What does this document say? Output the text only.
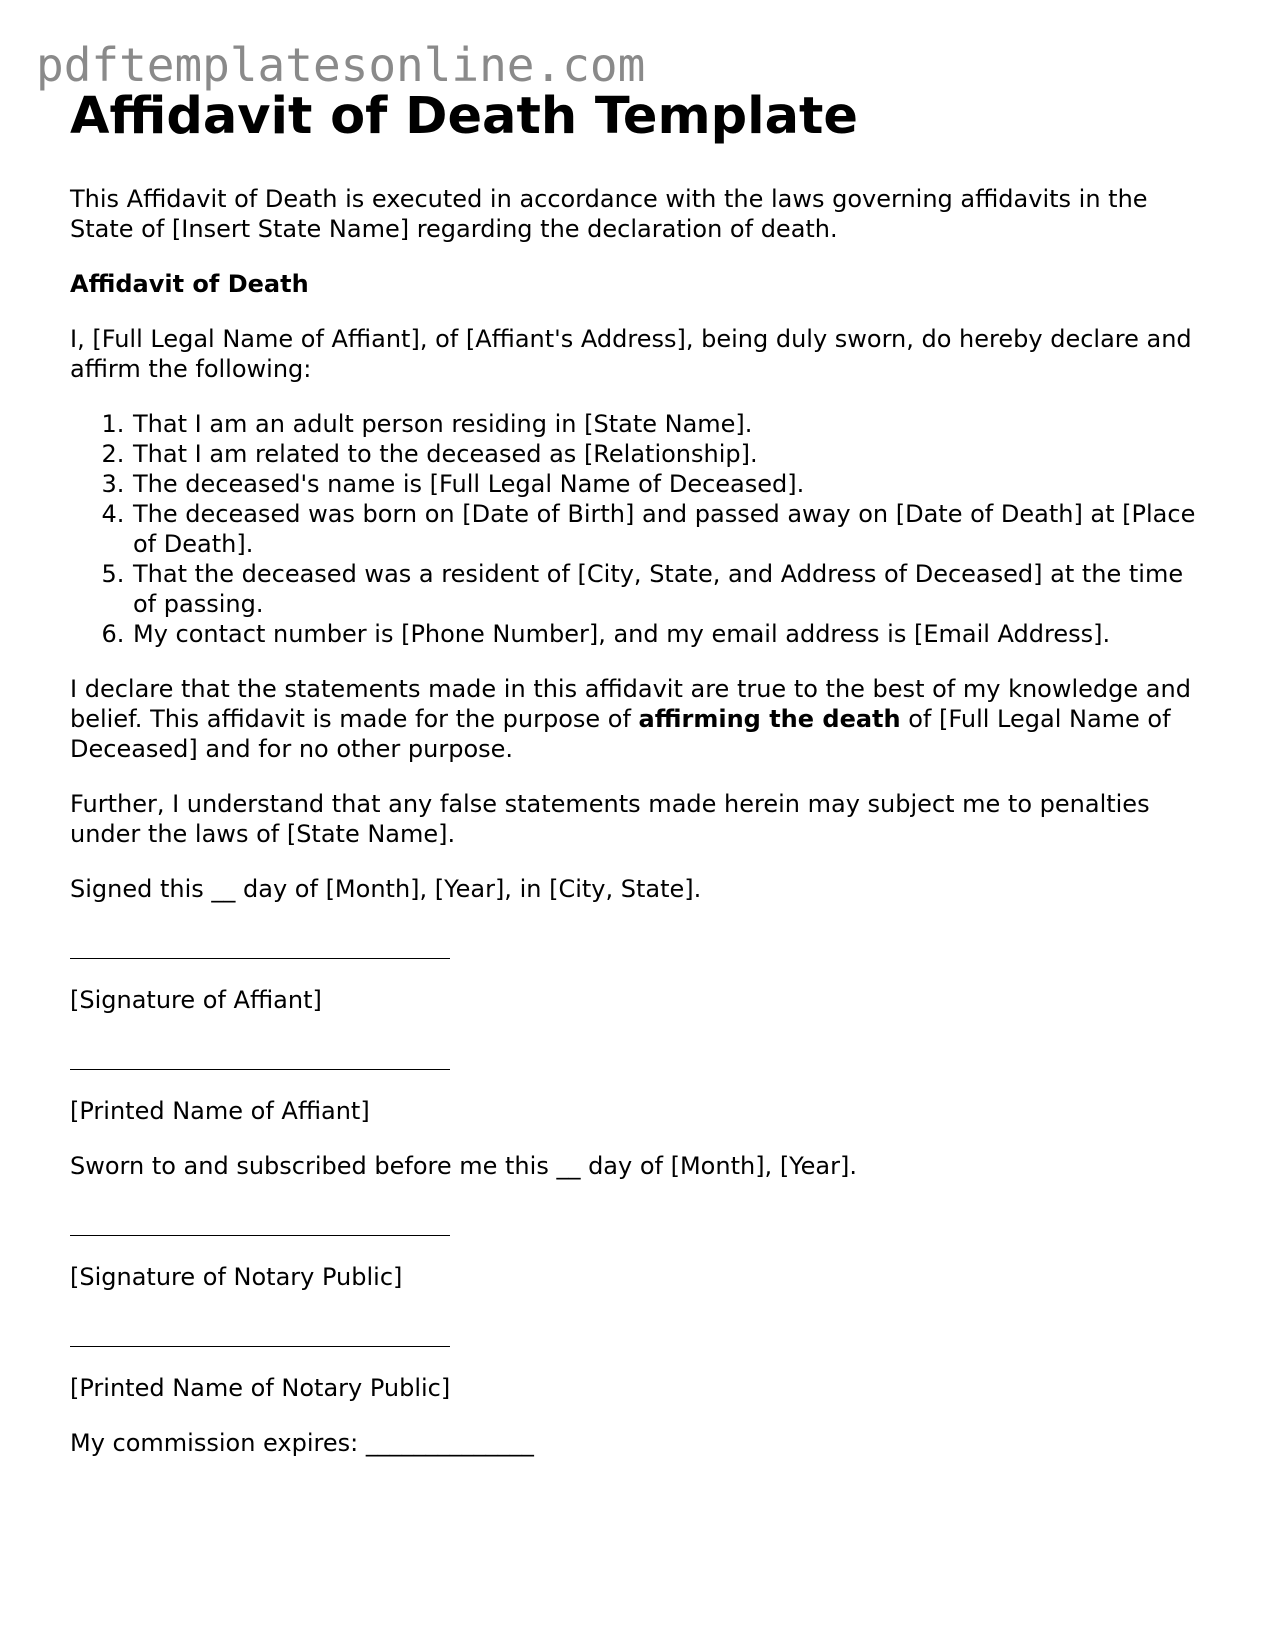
pdftemplatesonline.com
Affidavit of Death Template

This Affidavit of Death is executed in accordance with the laws governing affidavits in the State of [Insert State Name] regarding the declaration of death.

Affidavit of Death

I, [Full Legal Name of Affiant], of [Affiant's Address], being duly sworn, do hereby declare and affirm the following:

1. That I am an adult person residing in [State Name].
2. That I am related to the deceased as [Relationship].
3. The deceased's name is [Full Legal Name of Deceased].
4. The deceased was born on [Date of Birth] and passed away on [Date of Death] at [Place of Death].
5. That the deceased was a resident of [City, State, and Address of Deceased] at the time of passing.
6. My contact number is [Phone Number], and my email address is [Email Address].

I declare that the statements made in this affidavit are true to the best of my knowledge and belief. This affidavit is made for the purpose of affirming the death of [Full Legal Name of Deceased] and for no other purpose.

Further, I understand that any false statements made herein may subject me to penalties under the laws of [State Name].

Signed this __ day of [Month], [Year], in [City, State].

[Signature of Affiant]

[Printed Name of Affiant]

Sworn to and subscribed before me this __ day of [Month], [Year].

[Signature of Notary Public]

[Printed Name of Notary Public]

My commission expires: ______________
